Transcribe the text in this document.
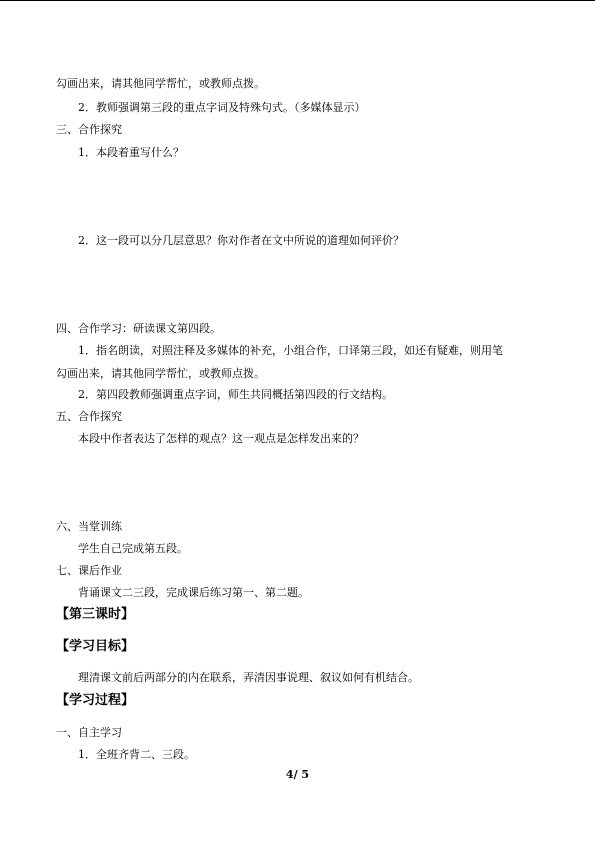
勾画出来，请其他同学帮忙，或教师点拨。
2．教师强调第三段的重点字词及特殊句式。（多媒体显示）
三、合作探究
1．本段着重写什么？
2．这一段可以分几层意思？你对作者在文中所说的道理如何评价？
四、合作学习：研读课文第四段。
1．指名朗读，对照注释及多媒体的补充，小组合作，口译第三段，如还有疑难，则用笔
勾画出来，请其他同学帮忙，或教师点拨。
2．第四段教师强调重点字词，师生共同概括第四段的行文结构。
五、合作探究
本段中作者表达了怎样的观点？这一观点是怎样发出来的？
六、当堂训练
学生自己完成第五段。
七、课后作业
背诵课文二三段，完成课后练习第一、第二题。
【第三课时】
【学习目标】
理清课文前后两部分的内在联系，弄清因事说理、叙议如何有机结合。
【学习过程】
一、自主学习
1．全班齐背二、三段。
4/ 5
